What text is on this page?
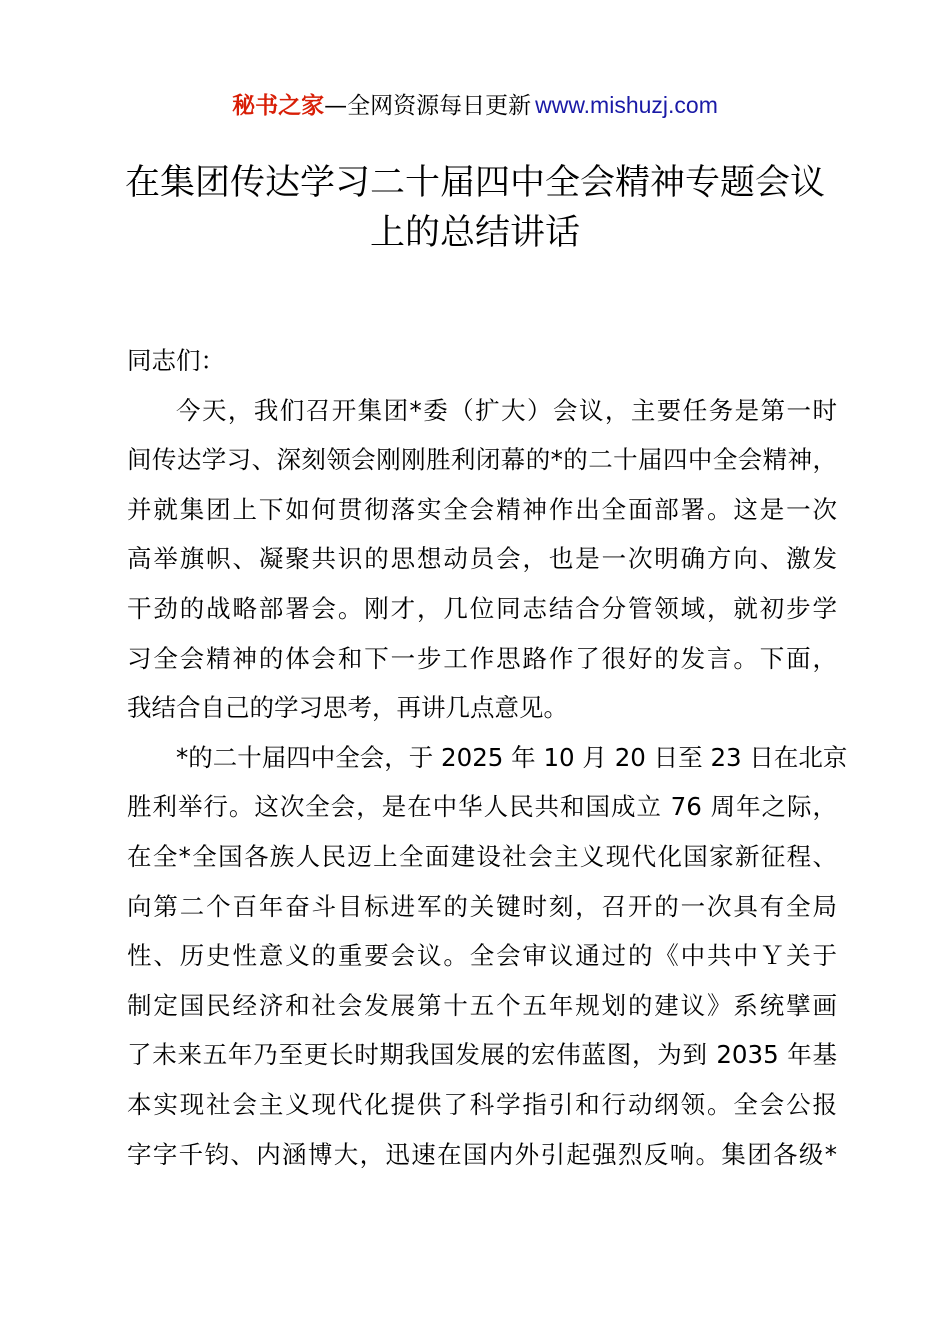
秘书之家—全网资源每日更新 www.mishuzj.com
在集团传达学习二十届四中全会精神专题会议
上的总结讲话
同志们：
今天，我们召开集团*委（扩大）会议，主要任务是第一时
间传达学习、深刻领会刚刚胜利闭幕的*的二十届四中全会精神，
并就集团上下如何贯彻落实全会精神作出全面部署。这是一次
高举旗帜、凝聚共识的思想动员会，也是一次明确方向、激发
干劲的战略部署会。刚才，几位同志结合分管领域，就初步学
习全会精神的体会和下一步工作思路作了很好的发言。下面，
我结合自己的学习思考，再讲几点意见。
*的二十届四中全会，于 2025 年 10 月 20 日至 23 日在北京
胜利举行。这次全会，是在中华人民共和国成立 76 周年之际，
在全*全国各族人民迈上全面建设社会主义现代化国家新征程、
向第二个百年奋斗目标进军的关键时刻，召开的一次具有全局
性、历史性意义的重要会议。全会审议通过的《中共中Ｙ关于
制定国民经济和社会发展第十五个五年规划的建议》系统擘画
了未来五年乃至更长时期我国发展的宏伟蓝图，为到 2035 年基
本实现社会主义现代化提供了科学指引和行动纲领。全会公报
字字千钧、内涵博大，迅速在国内外引起强烈反响。集团各级*
